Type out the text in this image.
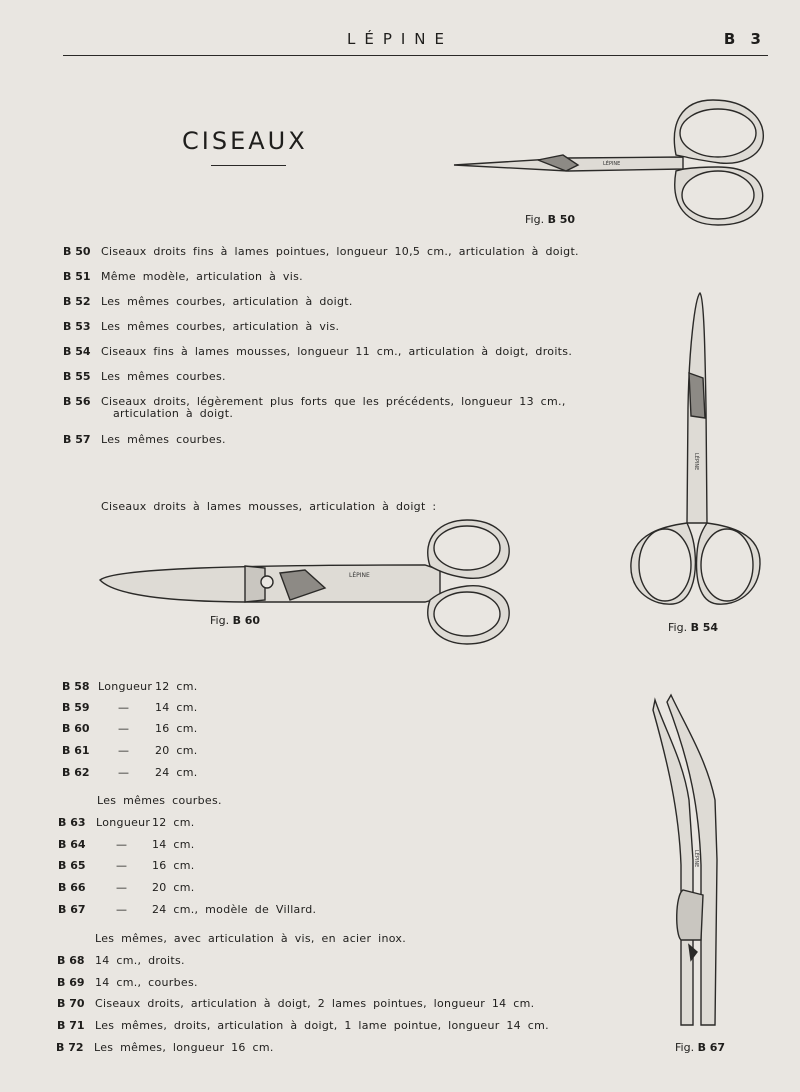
LÉPINE	B 3
CISEAUX
B 50 Ciseaux droits fins à lames pointues, longueur 10,5 cm., articulation à doigt.
B 51 Même modèle, articulation à vis.
B 52 Les mêmes courbes, articulation à doigt.
B 53 Les mêmes courbes, articulation à vis.
B 54 Ciseaux fins à lames mousses, longueur 11 cm., articulation à doigt, droits.
B 55 Les mêmes courbes.
B 56 Ciseaux droits, légèrement plus forts que les précédents, longueur 13 cm.,
articulation à doigt.
B 57 Les mêmes courbes.
Ciseaux droits à lames mousses, articulation à doigt :
LÉPINE
Fig. B 50
LÉPINE
Fig. B 54
LÉPINE
Fig. B 60
LÉPINE
Fig. B 67
B 58 Longueur 12 cm.
B 59	— 14 cm.
B 60	— 16 cm.
B 61	— 20 cm.
B 62	— 24 cm.
Les mêmes courbes.
B 63 Longueur 12 cm.
B 64	— 14 cm.
B 65	— 16 cm.
B 66	— 20 cm.
B 67	— 24 cm., modèle de Villard.
Les mêmes, avec articulation à vis, en acier inox.
B 68 14 cm., droits.
B 69 14 cm., courbes.
B 70 Ciseaux droits, articulation à doigt, 2 lames pointues, longueur 14 cm.
B 71 Les mêmes, droits, articulation à doigt, 1 lame pointue, longueur 14 cm.
B 72 Les mêmes, longueur 16 cm.
